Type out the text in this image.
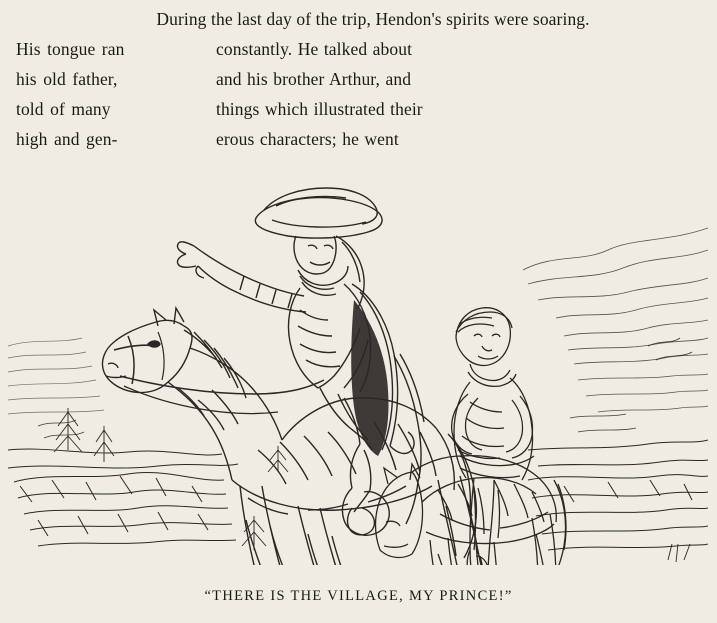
During the last day of the trip, Hendon's spirits were soaring.
His tongue ran	constantly. He talked about
his old father,	and his brother Arthur, and
told of many	things which illustrated their
high and gen-	erous characters; he went
“THERE IS THE VILLAGE, MY PRINCE!”
